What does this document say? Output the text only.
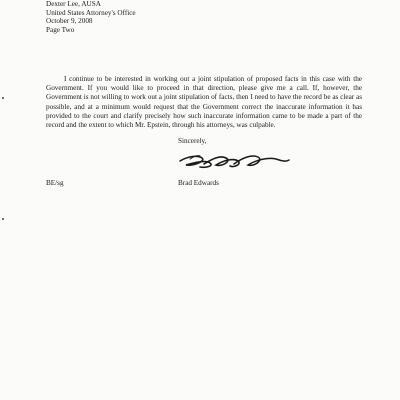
Dexter Lee, AUSA
United States Attorney's Office
October 9, 2008
Page Two

I continue to be interested in working out a joint stipulation of proposed facts in this case with the Government. If you would like to proceed in that direction, please give me a call. If, however, the Government is not willing to work out a joint stipulation of facts, then I need to have the record be as clear as possible, and at a minimum would request that the Government correct the inaccurate information it has provided to the court and clarify precisely how such inaccurate information came to be made a part of the record and the extent to which Mr. Epstein, through his attorneys, was culpable.

Sincerely,
Brad Edwards
BE/sg
